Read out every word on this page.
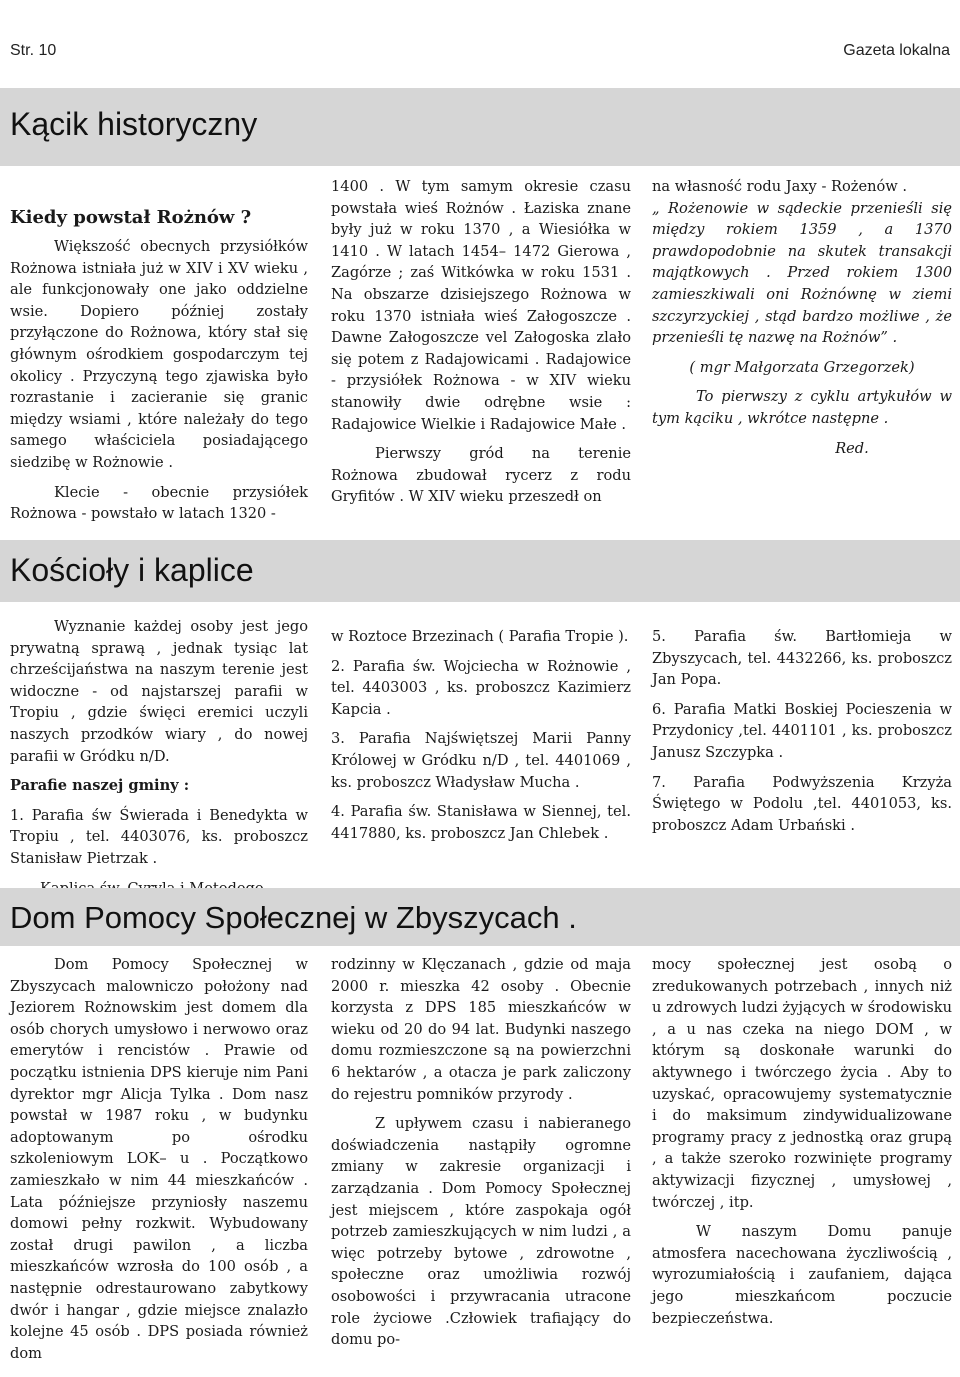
Str. 10	Gazeta lokalna
Kącik historyczny
Kiedy powstał Rożnów ?

Większość obecnych przysiółków Rożnowa istniała już w XIV i XV wieku , ale funkcjonowały one jako oddzielne wsie. Dopiero później zostały przyłączone do Rożnowa, który stał się głównym ośrodkiem gospodarczym tej okolicy . Przyczyną tego zjawiska było rozrastanie i zacieranie się granic między wsiami , które należały do tego samego właściciela posiadającego siedzibę w Rożnowie .

Klecie - obecnie przysiółek Rożnowa - powstało w latach 1320 -

1400 . W tym samym okresie czasu powstała wieś Rożnów . Łaziska znane były już w roku 1370 , a Wiesiółka w 1410 . W latach 1454– 1472 Gierowa , Zagórze ; zaś Witkówka w roku 1531 . Na obszarze dzisiejszego Rożnowa w roku 1370 istniała wieś Załogoszcze . Dawne Załogoszcze vel Załogoska zlało się potem z Radajowicami . Radajowice - przysiółek Rożnowa - w XIV wieku stanowiły dwie odrębne wsie : Radajowice Wielkie i Radajowice Małe .

Pierwszy gród na terenie Rożnowa zbudował rycerz z rodu Gryfitów . W XIV wieku przeszedł on

na własność rodu Jaxy - Rożenów .

„ Rożenowie w sądeckie przenieśli się między rokiem 1359 , a 1370 prawdopodobnie na skutek transakcji majątkowych . Przed rokiem 1300 zamieszkiwali oni Rożnównę w ziemi szczyrzyckiej , stąd bardzo możliwe , że przenieśli tę nazwę na Rożnów” .

( mgr Małgorzata Grzegorzek)

To pierwszy z cyklu artykułów w tym kąciku , wkrótce następne .

Red.

Kościoły i kaplice

Wyznanie każdej osoby jest jego prywatną sprawą , jednak tysiąc lat chrześcijaństwa na naszym terenie jest widoczne - od najstarszej parafii w Tropiu , gdzie święci eremici uczyli naszych przodków wiary , do nowej parafii w Gródku n/D.

Parafie naszej gminy :

1. Parafia św Świerada i Benedykta w Tropiu , tel. 4403076, ks. proboszcz Stanisław Pietrzak .

w Roztoce Brzezinach ( Parafia Tropie ).

2. Parafia św. Wojciecha w Rożnowie , tel. 4403003 , ks. proboszcz Kazimierz Kapcia .

3. Parafia Najświętszej Marii Panny Królowej w Gródku n/D , tel. 4401069 , ks. proboszcz Władysław Mucha .

4. Parafia św. Stanisława w Siennej, tel. 4417880, ks. proboszcz Jan Chlebek .

5. Parafia św. Bartłomieja w Zbyszycach, tel. 4432266, ks. proboszcz Jan Popa.

6. Parafia Matki Boskiej Pocieszenia w Przydonicy ,tel. 4401101 , ks. proboszcz Janusz Szczypka .

7. Parafia Podwyższenia Krzyża Świętego w Podolu ,tel. 4401053, ks. proboszcz Adam Urbański .

Dom Pomocy Społecznej w Zbyszycach .

Dom Pomocy Społecznej w Zbyszycach malowniczo położony nad Jeziorem Rożnowskim jest domem dla osób chorych umysłowo i nerwowo oraz emerytów i rencistów . Prawie od początku istnienia DPS kieruje nim Pani dyrektor mgr Alicja Tylka . Dom nasz powstał w 1987 roku , w budynku adoptowanym po ośrodku szkoleniowym LOK– u . Początkowo zamieszkało w nim 44 mieszkańców . Lata późniejsze przyniosły naszemu domowi pełny rozkwit. Wybudowany został drugi pawilon , a liczba mieszkańców wzrosła do 100 osób , a następnie odrestaurowano zabytkowy dwór i hangar , gdzie miejsce znalazło kolejne 45 osób . DPS posiada również dom

rodzinny w Klęczanach , gdzie od maja 2000 r. mieszka 42 osoby . Obecnie korzysta z DPS 185 mieszkańców w wieku od 20 do 94 lat. Budynki naszego domu rozmieszczone są na powierzchni 6 hektarów , a otacza je park zaliczony do rejestru pomników przyrody .

Z upływem czasu i nabieranego doświadczenia nastąpiły ogromne zmiany w zakresie organizacji i zarządzania . Dom Pomocy Społecznej jest miejscem , które zaspokaja ogół potrzeb zamieszkujących w nim ludzi , a więc potrzeby bytowe , zdrowotne , społeczne oraz umożliwia rozwój osobowości i przywracania utracone role życiowe .Człowiek trafiający do domu po-

mocy społecznej jest osobą o zredukowanych potrzebach , innych niż u zdrowych ludzi żyjących w środowisku , a u nas czeka na niego DOM , w którym są doskonałe warunki do aktywnego i twórczego życia . Aby to uzyskać, opracowujemy systematycznie i do maksimum zindywidualizowane programy pracy z jednostką oraz grupą , a także szeroko rozwinięte programy aktywizacji fizycznej , umysłowej , twórczej , itp.

W naszym Domu panuje atmosfera nacechowana życzliwością , wyrozumiałością i zaufaniem, dająca jego mieszkańcom poczucie bezpieczeństwa.
